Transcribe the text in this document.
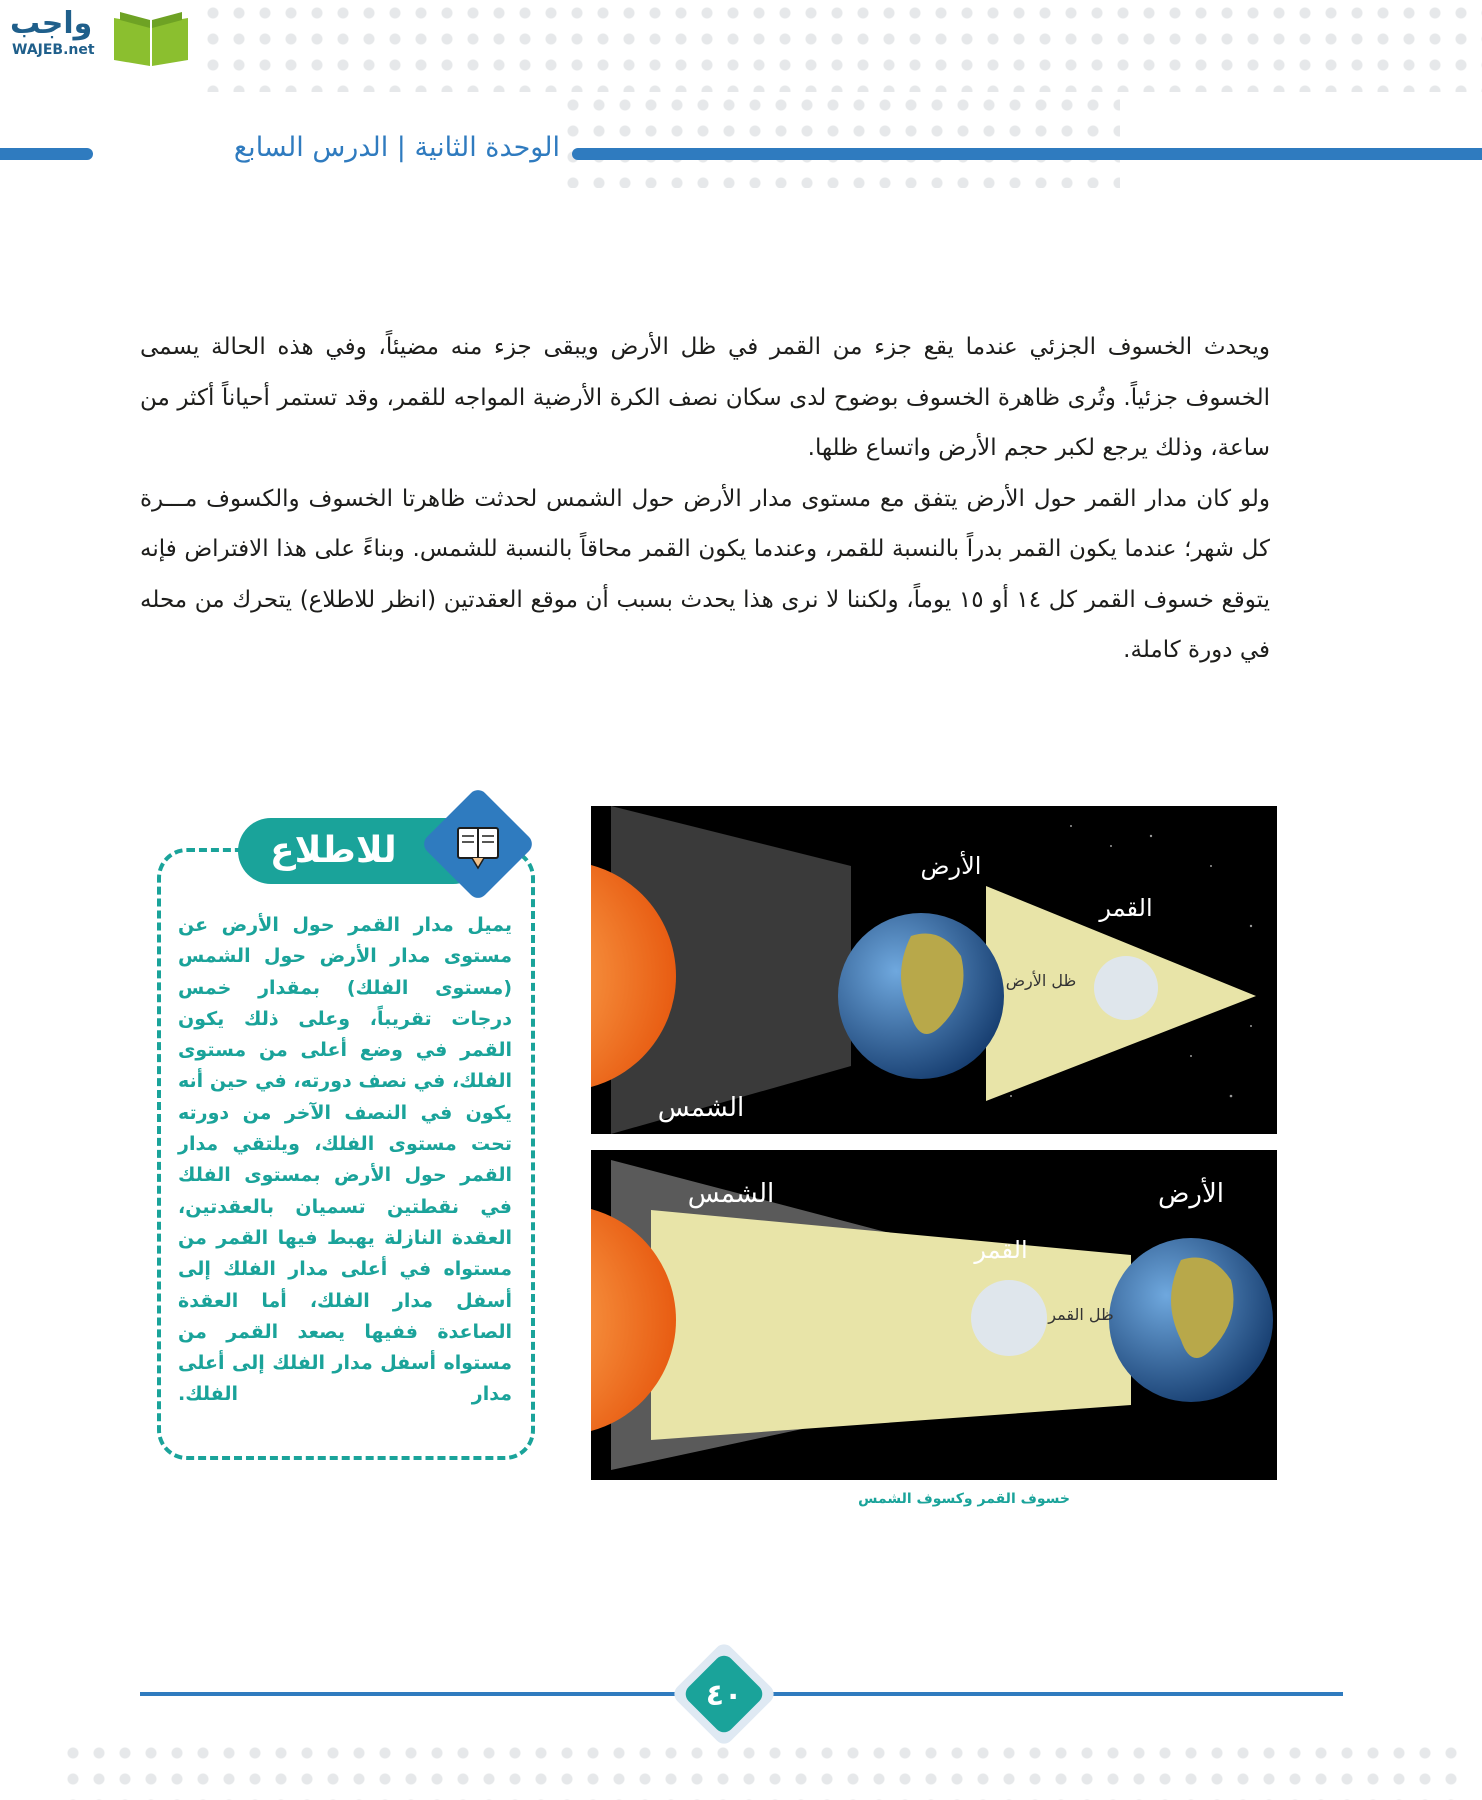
واجب
WAJEB.net
الوحدة الثانية | الدرس السابع

ويحدث الخسوف الجزئي عندما يقع جزء من القمر في ظل الأرض ويبقى جزء منه مضيئاً، وفي هذه الحالة يسمى الخسوف جزئياً. وتُرى ظاهرة الخسوف بوضوح لدى سكان نصف الكرة الأرضية المواجه للقمر، وقد تستمر أحياناً أكثر من ساعة، وذلك يرجع لكبر حجم الأرض واتساع ظلها.

ولو كان مدار القمر حول الأرض يتفق مع مستوى مدار الأرض حول الشمس لحدثت ظاهرتا الخسوف والكسوف مـــرة كل شهر؛ عندما يكون القمر بدراً بالنسبة للقمر، وعندما يكون القمر محاقاً بالنسبة للشمس. وبناءً على هذا الافتراض فإنه يتوقع خسوف القمر كل ١٤ أو ١٥ يوماً، ولكننا لا نرى هذا يحدث بسبب أن موقع العقدتين (انظر للاطلاع) يتحرك من محله في دورة كاملة.

الأرض
القمر
ظل الأرض
الشمس
الشمس	الأرض
القمر
ظل القمر
خسوف القمر وكسوف الشمس
للاطلاع
يميل مدار القمر حول الأرض عن مستوى مدار الأرض حول الشمس (مستوى الفلك) بمقدار خمس درجات تقريباً، وعلى ذلك يكون القمر في وضع أعلى من مستوى الفلك، في نصف دورته، في حين أنه يكون في النصف الآخر من دورته تحت مستوى الفلك، ويلتقي مدار القمر حول الأرض بمستوى الفلك في نقطتين تسميان بالعقدتين، العقدة النازلة يهبط فيها القمر من مستواه في أعلى مدار الفلك إلى أسفل مدار الفلك، أما العقدة الصاعدة ففيها يصعد القمر من مستواه أسفل مدار الفلك إلى أعلى مدار الفلك.
٤٠
